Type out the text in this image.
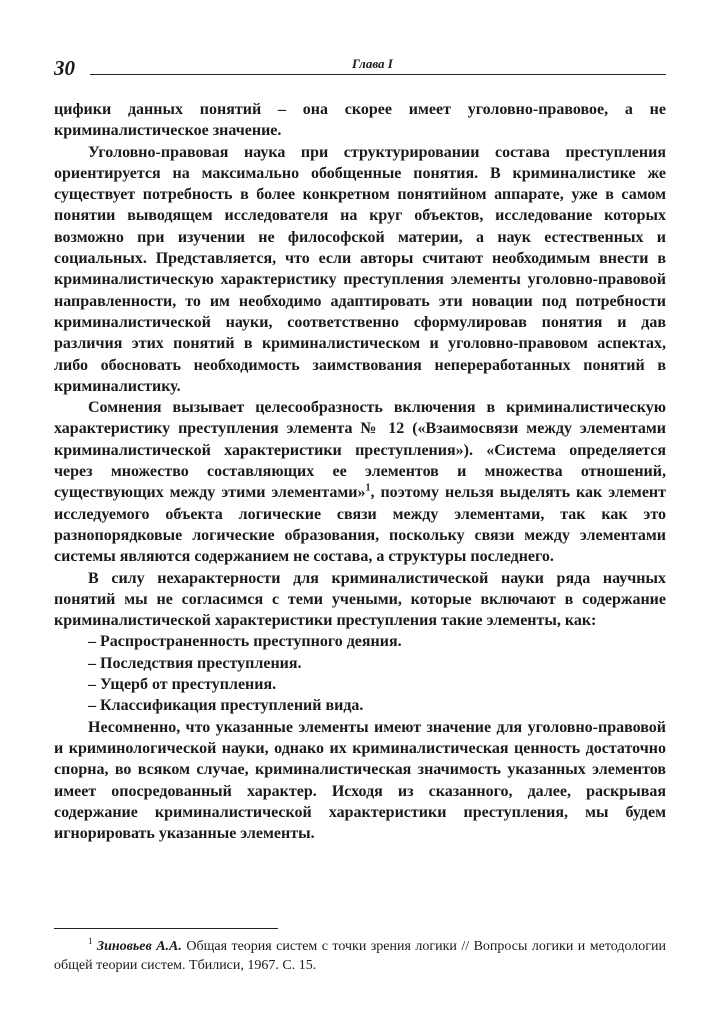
30	Глава I

цифики данных понятий – она скорее имеет уголовно-правовое, а не криминалистическое значение.

Уголовно-правовая наука при структурировании состава преступления ориентируется на максимально обобщенные понятия. В криминалистике же существует потребность в более конкретном понятийном аппарате, уже в самом понятии выводящем исследователя на круг объектов, исследование которых возможно при изучении не философской материи, а наук естественных и социальных. Представляется, что если авторы считают необходимым внести в криминалистическую характеристику преступления элементы уголовно-правовой направленности, то им необходимо адаптировать эти новации под потребности криминалистической науки, соответственно сформулировав понятия и дав различия этих понятий в криминалистическом и уголовно-правовом аспектах, либо обосновать необходимость заимствования непереработанных понятий в криминалистику.

Сомнения вызывает целесообразность включения в криминалистическую характеристику преступления элемента № 12 («Взаимосвязи между элементами криминалистической характеристики преступления»). «Система определяется через множество составляющих ее элементов и множества отношений, существующих между этими элементами»$^1$, поэтому нельзя выделять как элемент исследуемого объекта логические связи между элементами, так как это разнопорядковые логические образования, поскольку связи между элементами системы являются содержанием не состава, а структуры последнего.

В силу нехарактерности для криминалистической науки ряда научных понятий мы не согласимся с теми учеными, которые включают в содержание криминалистической характеристики преступления такие элементы, как:

– Распространенность преступного деяния.

– Последствия преступления.

– Ущерб от преступления.

– Классификация преступлений вида.

Несомненно, что указанные элементы имеют значение для уголовно-правовой и криминологической науки, однако их криминалистическая ценность достаточно спорна, во всяком случае, криминалистическая значимость указанных элементов имеет опосредованный характер. Исходя из сказанного, далее, раскрывая содержание криминалистической характеристики преступления, мы будем игнорировать указанные элементы.

$^1$ Зиновьев А.А. Общая теория систем с точки зрения логики // Вопросы логики и методологии общей теории систем. Тбилиси, 1967. С. 15.
